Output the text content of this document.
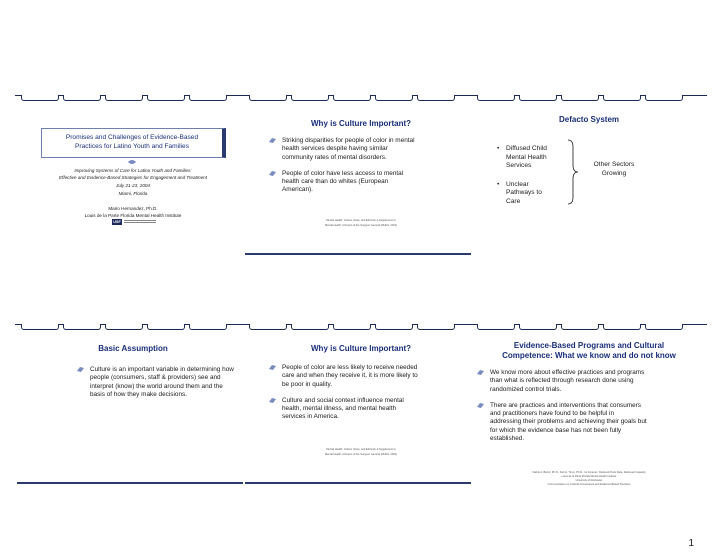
Promises and Challenges of Evidence-Based
Practices for Latino Youth and Families
Improving Systems of Care for Latino Youth and Families:
Effective and Evidence-Based Strategies for Engagement and Treatment
July 21-23, 2004
Miami, Florida
Mario Hernandez, Ph.D.
Louis de la Parte Florida Mental Health Institute
USF
Why is Culture Important?
Striking disparities for people of color in mental health services despite having similar community rates of mental disorders.
People of color have less access to mental health care than do whites (European American).
Mental Health: Culture, Race, and Ethnicity-A Supplement to
Mental Health: A Report of the Surgeon General (DHHS, 2001)
Defacto System
• Diffused Child Mental Health Services
• Unclear Pathways to Care
Other Sectors Growing
Basic Assumption
Culture is an important variable in determining how people (consumers, staff & providers) see and interpret (know) the world around them and the basis of how they make decisions.
Why is Culture Important?
People of color are less likely to receive needed care and when they receive it, it is more likely to be poor in quality.
Culture and social context influence mental health, mental illness, and mental health services in America.
Mental Health: Culture, Race, and Ethnicity-A Supplement to
Mental Health: A Report of the Surgeon General (DHHS, 2001)
Evidence-Based Programs and Cultural
Competence: What we know and do not know
We know more about effective practices and programs than what is reflected through research done using randomized control trials.
There are practices and interventions that consumers and practitioners have found to be helpful in addressing their problems and achieving their goals but for which the evidence base has not been fully established.
Kathie A. Bertot, Ph.D., Karl H. Timm, Ph.D., Ire Jimenez, Reduced Tools Data, Retrieved Capacity
Louis de la Parte Florida Mental Health Institute
University of Rochester
Communication on Cultural Competence and Evidence-Based Practices
1
